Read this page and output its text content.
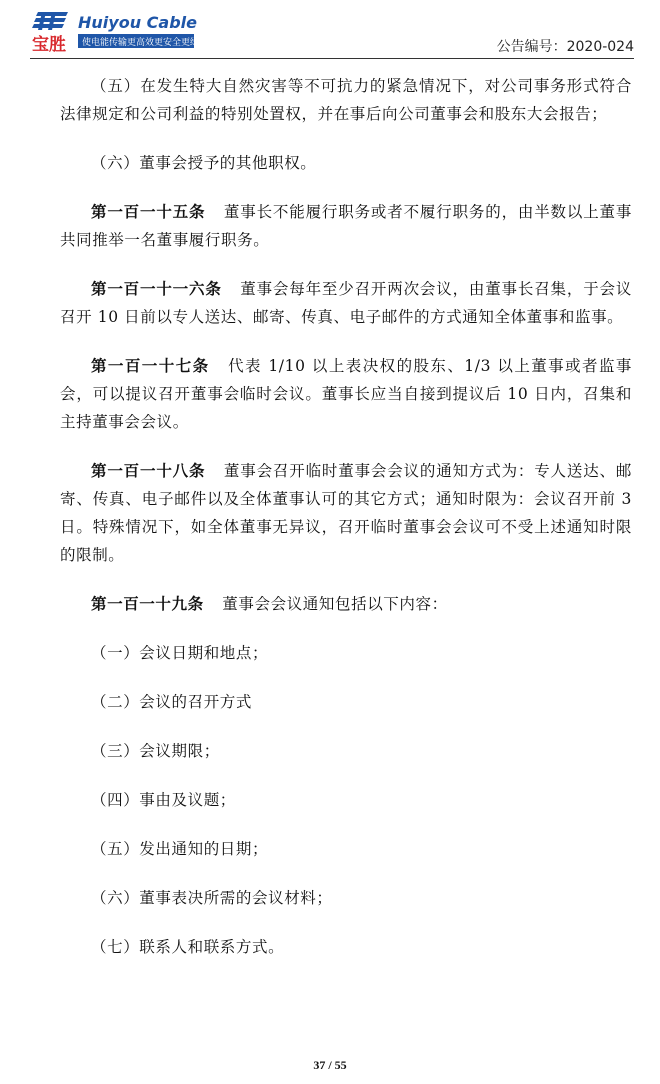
宝胜
Huiyou Cable
使电能传输更高效更安全更绿色	公告编号：2020-024

（五）在发生特大自然灾害等不可抗力的紧急情况下，对公司事务形式符合法律规定和公司利益的特别处置权，并在事后向公司董事会和股东大会报告；

（六）董事会授予的其他职权。

第一百一十五条 董事长不能履行职务或者不履行职务的，由半数以上董事共同推举一名董事履行职务。

第一百一十一六条 董事会每年至少召开两次会议，由董事长召集，于会议召开 10 日前以专人送达、邮寄、传真、电子邮件的方式通知全体董事和监事。

第一百一十七条 代表 1/10 以上表决权的股东、1/3 以上董事或者监事会，可以提议召开董事会临时会议。董事长应当自接到提议后 10 日内，召集和主持董事会会议。

第一百一十八条 董事会召开临时董事会会议的通知方式为：专人送达、邮寄、传真、电子邮件以及全体董事认可的其它方式；通知时限为：会议召开前 3 日。特殊情况下，如全体董事无异议，召开临时董事会会议可不受上述通知时限的限制。

第一百一十九条 董事会会议通知包括以下内容：

（一）会议日期和地点；

（二）会议的召开方式

（三）会议期限；

（四）事由及议题；

（五）发出通知的日期；

（六）董事表决所需的会议材料；

（七）联系人和联系方式。

37 / 55
